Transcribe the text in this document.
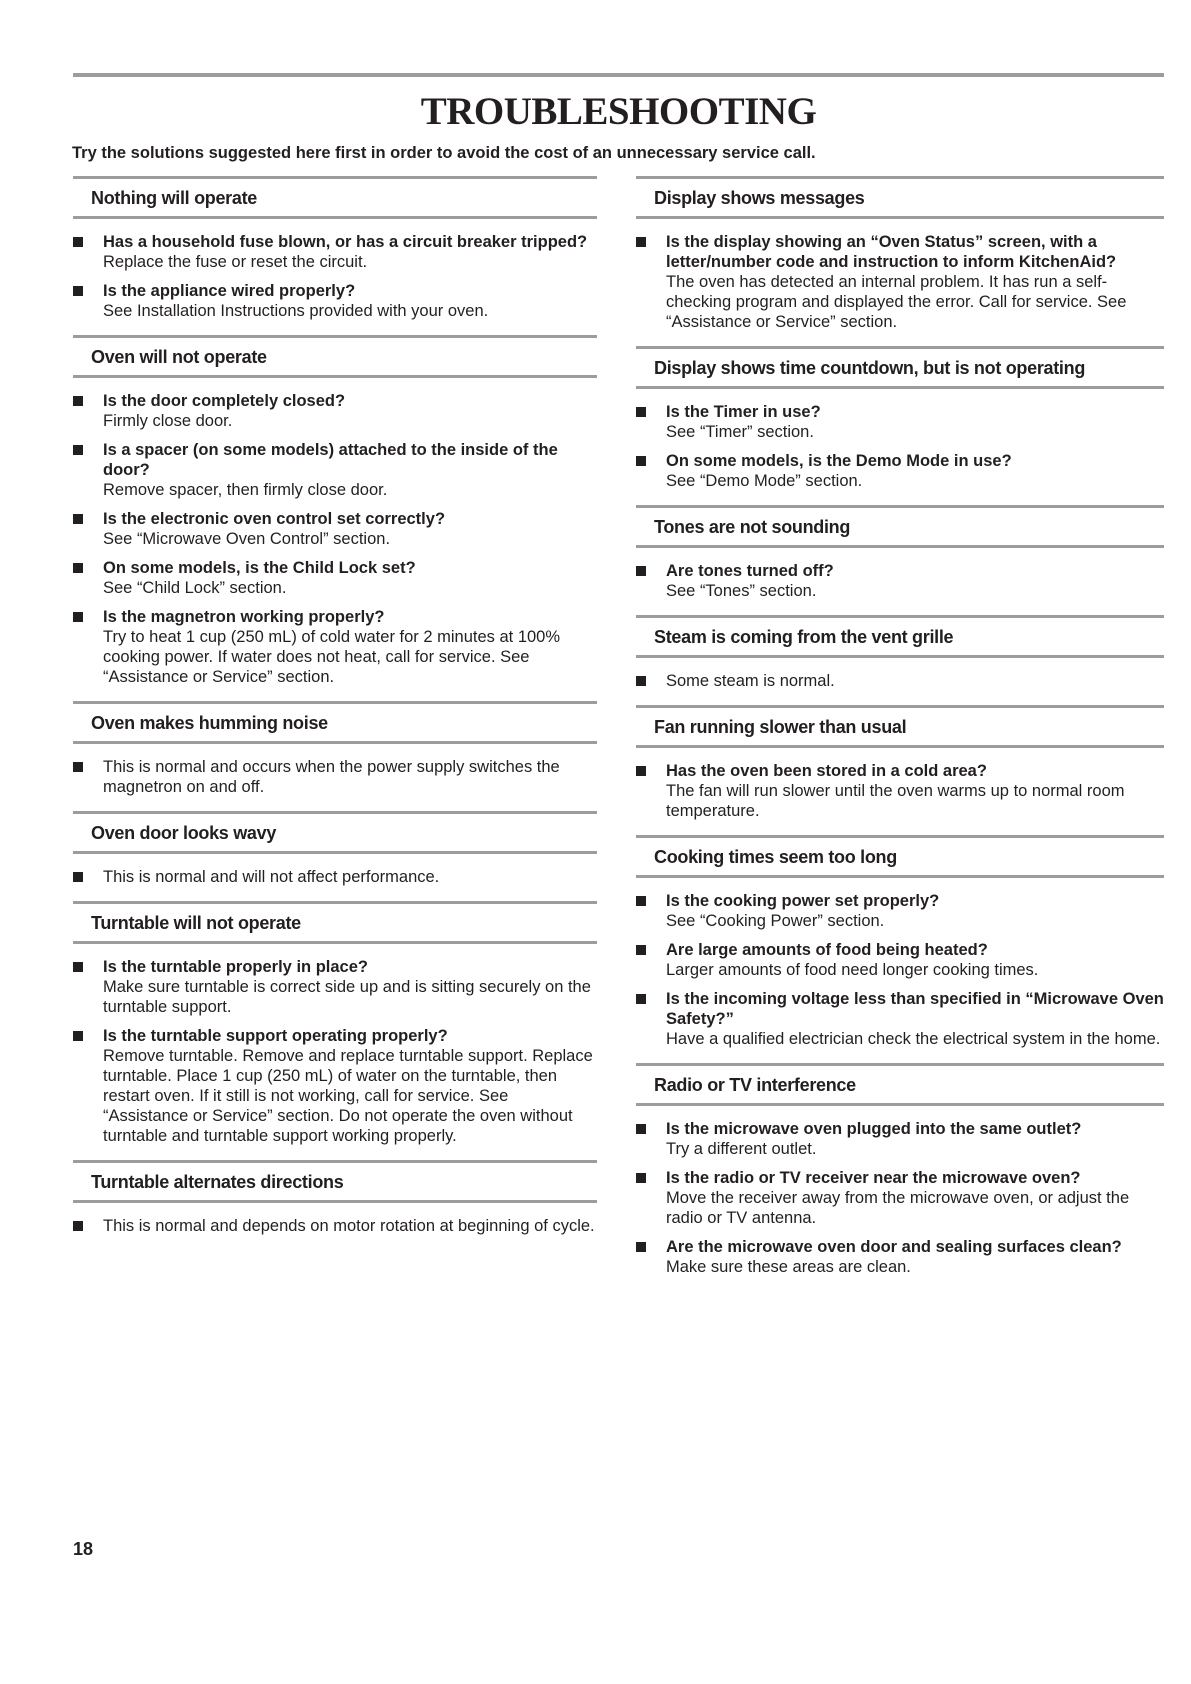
TROUBLESHOOTING

Try the solutions suggested here first in order to avoid the cost of an unnecessary service call.

Nothing will operate
Has a household fuse blown, or has a circuit breaker tripped?
Replace the fuse or reset the circuit.
Is the appliance wired properly?
See Installation Instructions provided with your oven.
Oven will not operate
Is the door completely closed?
Firmly close door.
Is a spacer (on some models) attached to the inside of the door?
Remove spacer, then firmly close door.
Is the electronic oven control set correctly?
See “Microwave Oven Control” section.
On some models, is the Child Lock set?
See “Child Lock” section.
Is the magnetron working properly?
Try to heat 1 cup (250 mL) of cold water for 2 minutes at 100% cooking power. If water does not heat, call for service. See “Assistance or Service” section.
Oven makes humming noise
This is normal and occurs when the power supply switches the magnetron on and off.
Oven door looks wavy
This is normal and will not affect performance.
Turntable will not operate
Is the turntable properly in place?
Make sure turntable is correct side up and is sitting securely on the turntable support.
Is the turntable support operating properly?
Remove turntable. Remove and replace turntable support. Replace turntable. Place 1 cup (250 mL) of water on the turntable, then restart oven. If it still is not working, call for service. See “Assistance or Service” section. Do not operate the oven without turntable and turntable support working properly.
Turntable alternates directions
This is normal and depends on motor rotation at beginning of cycle.
Display shows messages
Is the display showing an “Oven Status” screen, with a letter/number code and instruction to inform KitchenAid?
The oven has detected an internal problem. It has run a self-checking program and displayed the error. Call for service. See “Assistance or Service” section.
Display shows time countdown, but is not operating
Is the Timer in use?
See “Timer” section.
On some models, is the Demo Mode in use?
See “Demo Mode” section.
Tones are not sounding
Are tones turned off?
See “Tones” section.
Steam is coming from the vent grille
Some steam is normal.
Fan running slower than usual
Has the oven been stored in a cold area?
The fan will run slower until the oven warms up to normal room temperature.
Cooking times seem too long
Is the cooking power set properly?
See “Cooking Power” section.
Are large amounts of food being heated?
Larger amounts of food need longer cooking times.
Is the incoming voltage less than specified in “Microwave Oven Safety?”
Have a qualified electrician check the electrical system in the home.
Radio or TV interference
Is the microwave oven plugged into the same outlet?
Try a different outlet.
Is the radio or TV receiver near the microwave oven?
Move the receiver away from the microwave oven, or adjust the radio or TV antenna.
Are the microwave oven door and sealing surfaces clean?
Make sure these areas are clean.

18
